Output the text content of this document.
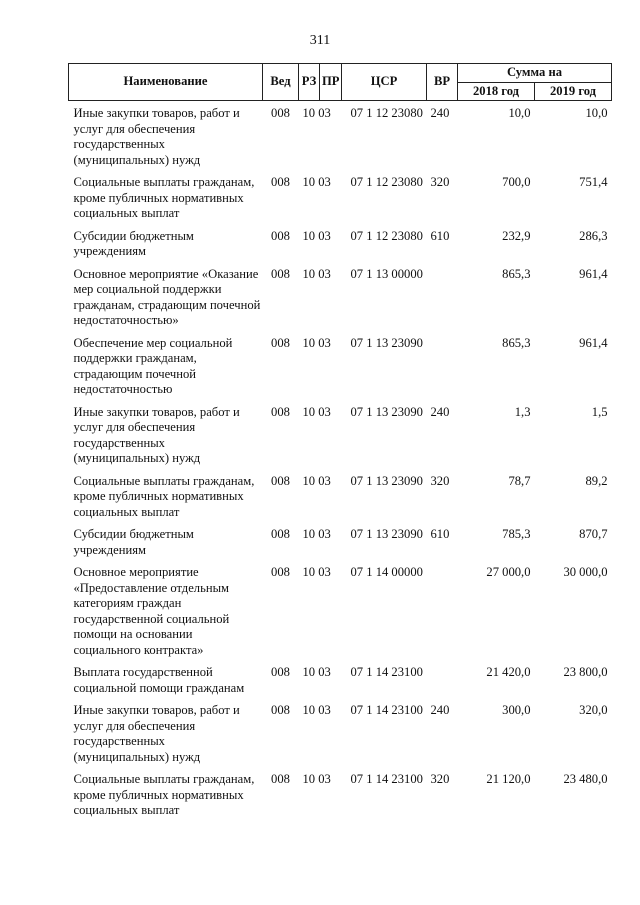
311
Наименование	Вед	РЗ	ПР	ЦСР	ВР	Сумма на	
						2018 год	2019 год
Иные закупки товаров, работ и услуг для обеспечения государственных (муниципальных) нужд	008	10 03		07 1 12 23080	240	10,0	10,0
Социальные выплаты гражданам, кроме публичных нормативных социальных выплат	008	10 03		07 1 12 23080	320	700,0	751,4
Субсидии бюджетным учреждениям	008	10 03		07 1 12 23080	610	232,9	286,3
Основное мероприятие «Оказание мер социальной поддержки гражданам, страдающим почечной недостаточностью»	008	10 03		07 1 13 00000		865,3	961,4
Обеспечение мер социальной поддержки гражданам, страдающим почечной недостаточностью	008	10 03		07 1 13 23090		865,3	961,4
Иные закупки товаров, работ и услуг для обеспечения государственных (муниципальных) нужд	008	10 03		07 1 13 23090	240	1,3	1,5
Социальные выплаты гражданам, кроме публичных нормативных социальных выплат	008	10 03		07 1 13 23090	320	78,7	89,2
Субсидии бюджетным учреждениям	008	10 03		07 1 13 23090	610	785,3	870,7
Основное мероприятие «Предоставление отдельным категориям граждан государственной социальной помощи на основании социального контракта»	008	10 03		07 1 14 00000		27 000,0	30 000,0
Выплата государственной социальной помощи гражданам	008	10 03		07 1 14 23100		21 420,0	23 800,0
Иные закупки товаров, работ и услуг для обеспечения государственных (муниципальных) нужд	008	10 03		07 1 14 23100	240	300,0	320,0
Социальные выплаты гражданам, кроме публичных нормативных социальных выплат	008	10 03		07 1 14 23100	320	21 120,0	23 480,0
